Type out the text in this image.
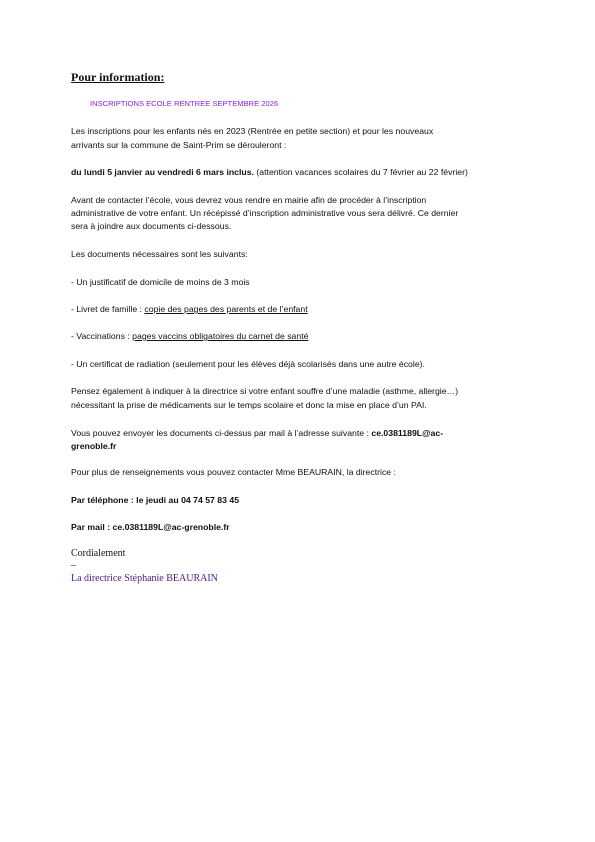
Pour information:

INSCRIPTIONS ECOLE RENTREE SEPTEMBRE 2026

Les inscriptions pour les enfants nés en 2023 (Rentrée en petite section) et pour les nouveaux

arrivants sur la commune de Saint-Prim se dérouleront :

du lundi 5 janvier au vendredi 6 mars inclus. (attention vacances scolaires du 7 février au 22 février)

Avant de contacter l’école, vous devrez vous rendre en mairie afin de procéder à l’inscription

administrative de votre enfant. Un récépissé d’inscription administrative vous sera délivré. Ce dernier

sera à joindre aux documents ci-dessous.

Les documents nécessaires sont les suivants:

- Un justificatif de domicile de moins de 3 mois

- Livret de famille : copie des pages des parents et de l’enfant

- Vaccinations : pages vaccins obligatoires du carnet de santé

- Un certificat de radiation (seulement pour les élèves déjà scolarisés dans une autre école).

Pensez également à indiquer à la directrice si votre enfant souffre d’une maladie (asthme, allergie…)

nécessitant la prise de médicaments sur le temps scolaire et donc la mise en place d’un PAI.

Vous pouvez envoyer les documents ci-dessus par mail à l’adresse suivante : ce.0381189L@ac-

grenoble.fr

Pour plus de renseignements vous pouvez contacter Mme BEAURAIN, la directrice :

Par téléphone : le jeudi au 04 74 57 83 45

Par mail : ce.0381189L@ac-grenoble.fr

Cordialement

–

La directrice Stéphanie BEAURAIN
